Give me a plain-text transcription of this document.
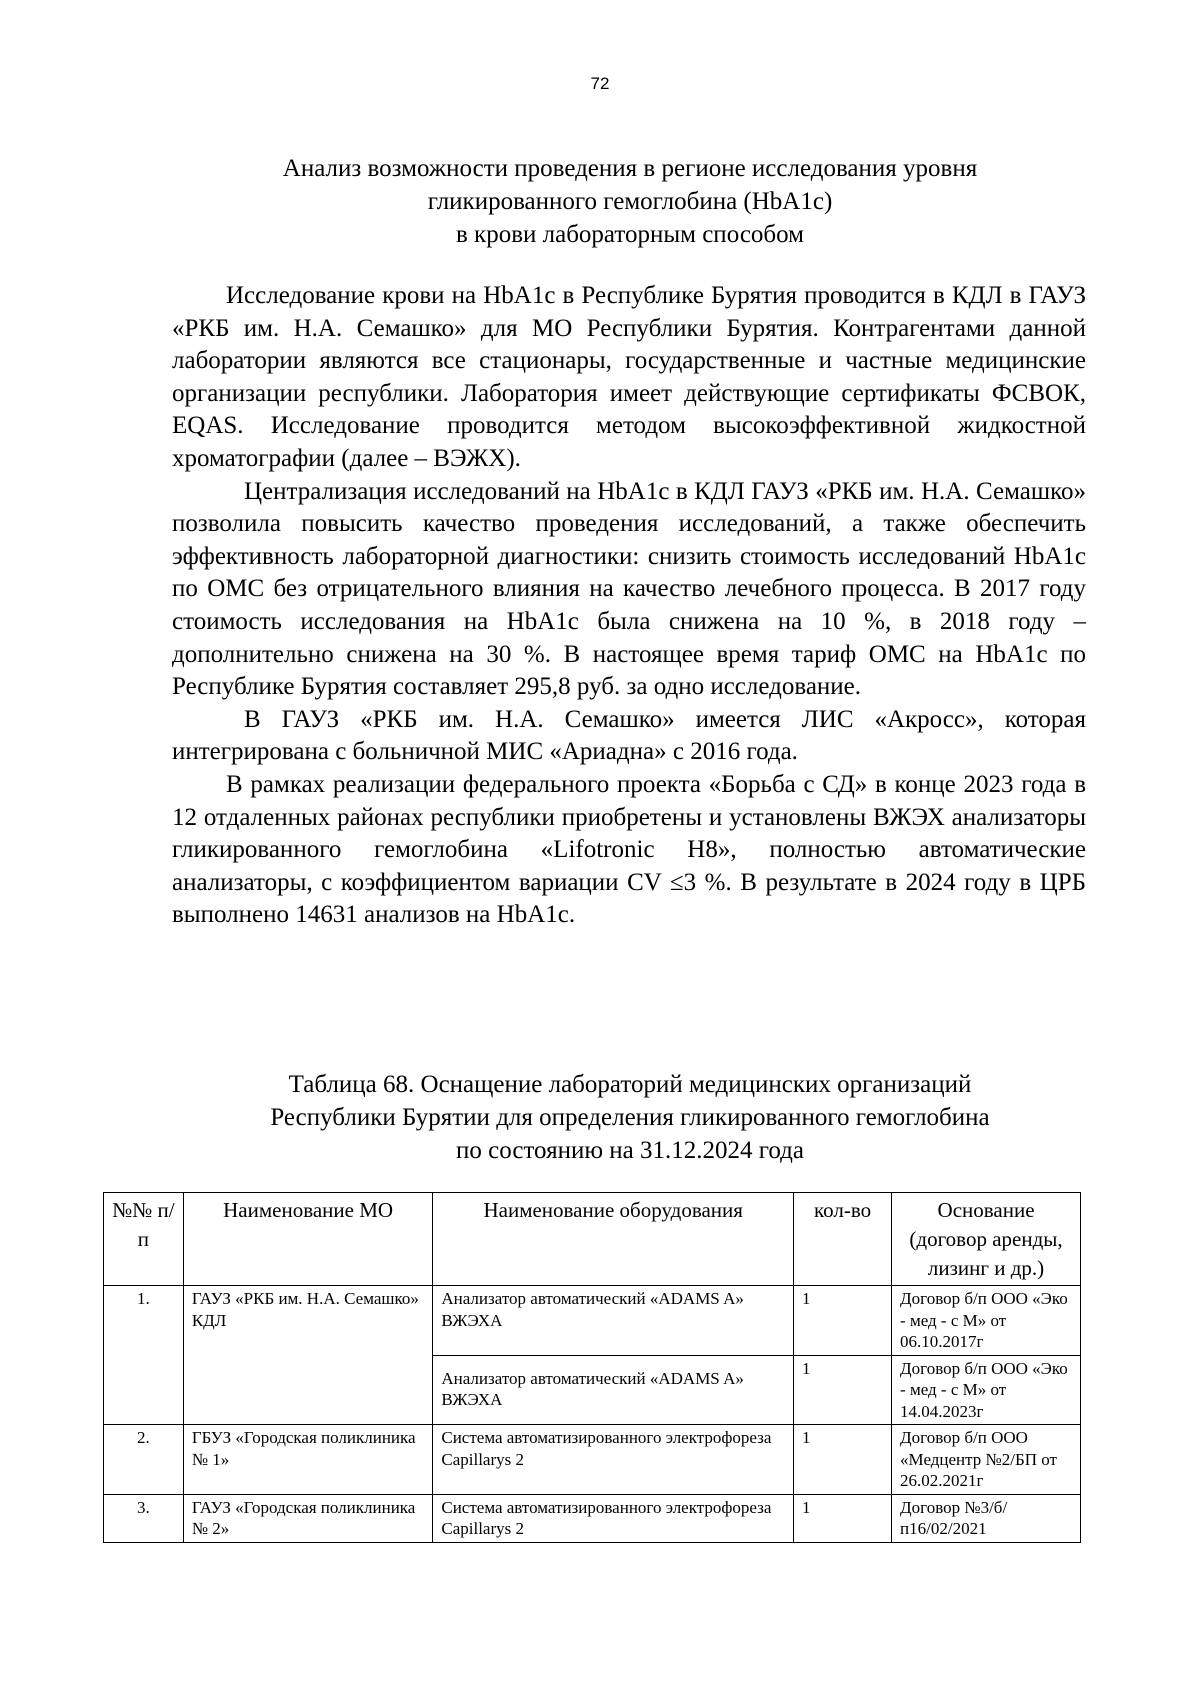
72
Анализ возможности проведения в регионе исследования уровня
гликированного гемоглобина (HbA1c)
в крови лабораторным способом

Исследование крови на HbA1c в Республике Бурятия проводится в КДЛ в ГАУЗ «РКБ им. Н.А. Семашко» для МО Республики Бурятия. Контрагентами данной лаборатории являются все стационары, государственные и частные медицинские организации республики. Лаборатория имеет действующие сертификаты ФСВОК, EQAS. Исследование проводится методом высокоэффективной жидкостной хроматографии (далее – ВЭЖХ).

Централизация исследований на HbA1c в КДЛ ГАУЗ «РКБ им. Н.А. Семашко» позволила повысить качество проведения исследований, а также обеспечить эффективность лабораторной диагностики: снизить стоимость исследований HbA1c по ОМС без отрицательного влияния на качество лечебного процесса. В 2017 году стоимость исследования на HbA1c была снижена на 10 %, в 2018 году – дополнительно снижена на 30 %. В настоящее время тариф ОМС на HbA1c по Республике Бурятия составляет 295,8 руб. за одно исследование.

В ГАУЗ «РКБ им. Н.А. Семашко» имеется ЛИС «Акросс», которая интегрирована с больничной МИС «Ариадна» с 2016 года.

В рамках реализации федерального проекта «Борьба с СД» в конце 2023 года в 12 отдаленных районах республики приобретены и установлены ВЖЭХ анализаторы гликированного гемоглобина «Lifotronic H8», полностью автоматические анализаторы, с коэффициентом вариации CV ≤3 %. В результате в 2024 году в ЦРБ выполнено 14631 анализов на HbA1c.

Таблица 68. Оснащение лабораторий медицинских организаций
Республики Бурятии для определения гликированного гемоглобина
по состоянию на 31.12.2024 года
№№ п/п	Наименование МО	Наименование оборудования	кол-во	Основание (договор аренды, лизинг и др.)
1.	ГАУЗ «РКБ им. Н.А. Семашко» КДЛ	Анализатор автоматический «ADAMS A» ВЖЭХА	1	Договор б/п ООО «Эко - мед - с М» от 06.10.2017г

		Анализатор автоматический «ADAMS A» ВЖЭХА	1	Договор б/п ООО «Эко - мед - с М» от 14.04.2023г
2.	ГБУЗ «Городская поликлиника № 1»	Система автоматизированного электрофореза Capillarys 2	1	Договор б/п ООО «Медцентр №2/БП от 26.02.2021г
3.	ГАУЗ «Городская поликлиника № 2»	Система автоматизированного электрофореза Capillarys 2	1	Договор №3/б/п16/02/2021
